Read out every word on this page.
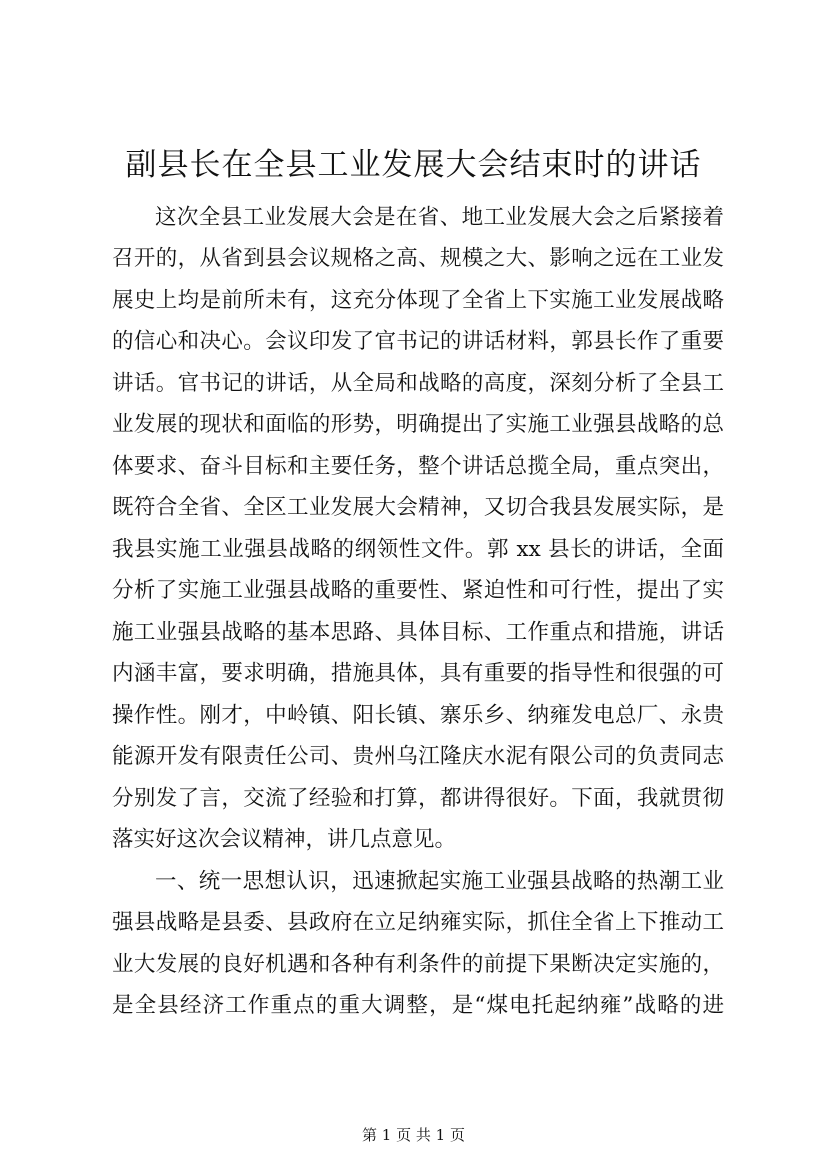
副县长在全县工业发展大会结束时的讲话
这次全县工业发展大会是在省、地工业发展大会之后紧接着
召开的，从省到县会议规格之高、规模之大、影响之远在工业发
展史上均是前所未有，这充分体现了全省上下实施工业发展战略
的信心和决心。会议印发了官书记的讲话材料，郭县长作了重要
讲话。官书记的讲话，从全局和战略的高度，深刻分析了全县工
业发展的现状和面临的形势，明确提出了实施工业强县战略的总
体要求、奋斗目标和主要任务，整个讲话总揽全局，重点突出，
既符合全省、全区工业发展大会精神，又切合我县发展实际，是
我县实施工业强县战略的纲领性文件。郭 xx 县长的讲话，全面
分析了实施工业强县战略的重要性、紧迫性和可行性，提出了实
施工业强县战略的基本思路、具体目标、工作重点和措施，讲话
内涵丰富，要求明确，措施具体，具有重要的指导性和很强的可
操作性。刚才，中岭镇、阳长镇、寨乐乡、纳雍发电总厂、永贵
能源开发有限责任公司、贵州乌江隆庆水泥有限公司的负责同志
分别发了言，交流了经验和打算，都讲得很好。下面，我就贯彻
落实好这次会议精神，讲几点意见。
一、统一思想认识，迅速掀起实施工业强县战略的热潮工业
强县战略是县委、县政府在立足纳雍实际，抓住全省上下推动工
业大发展的良好机遇和各种有利条件的前提下果断决定实施的，
是全县经济工作重点的重大调整，是“煤电托起纳雍”战略的进
第 1 页 共 1 页
